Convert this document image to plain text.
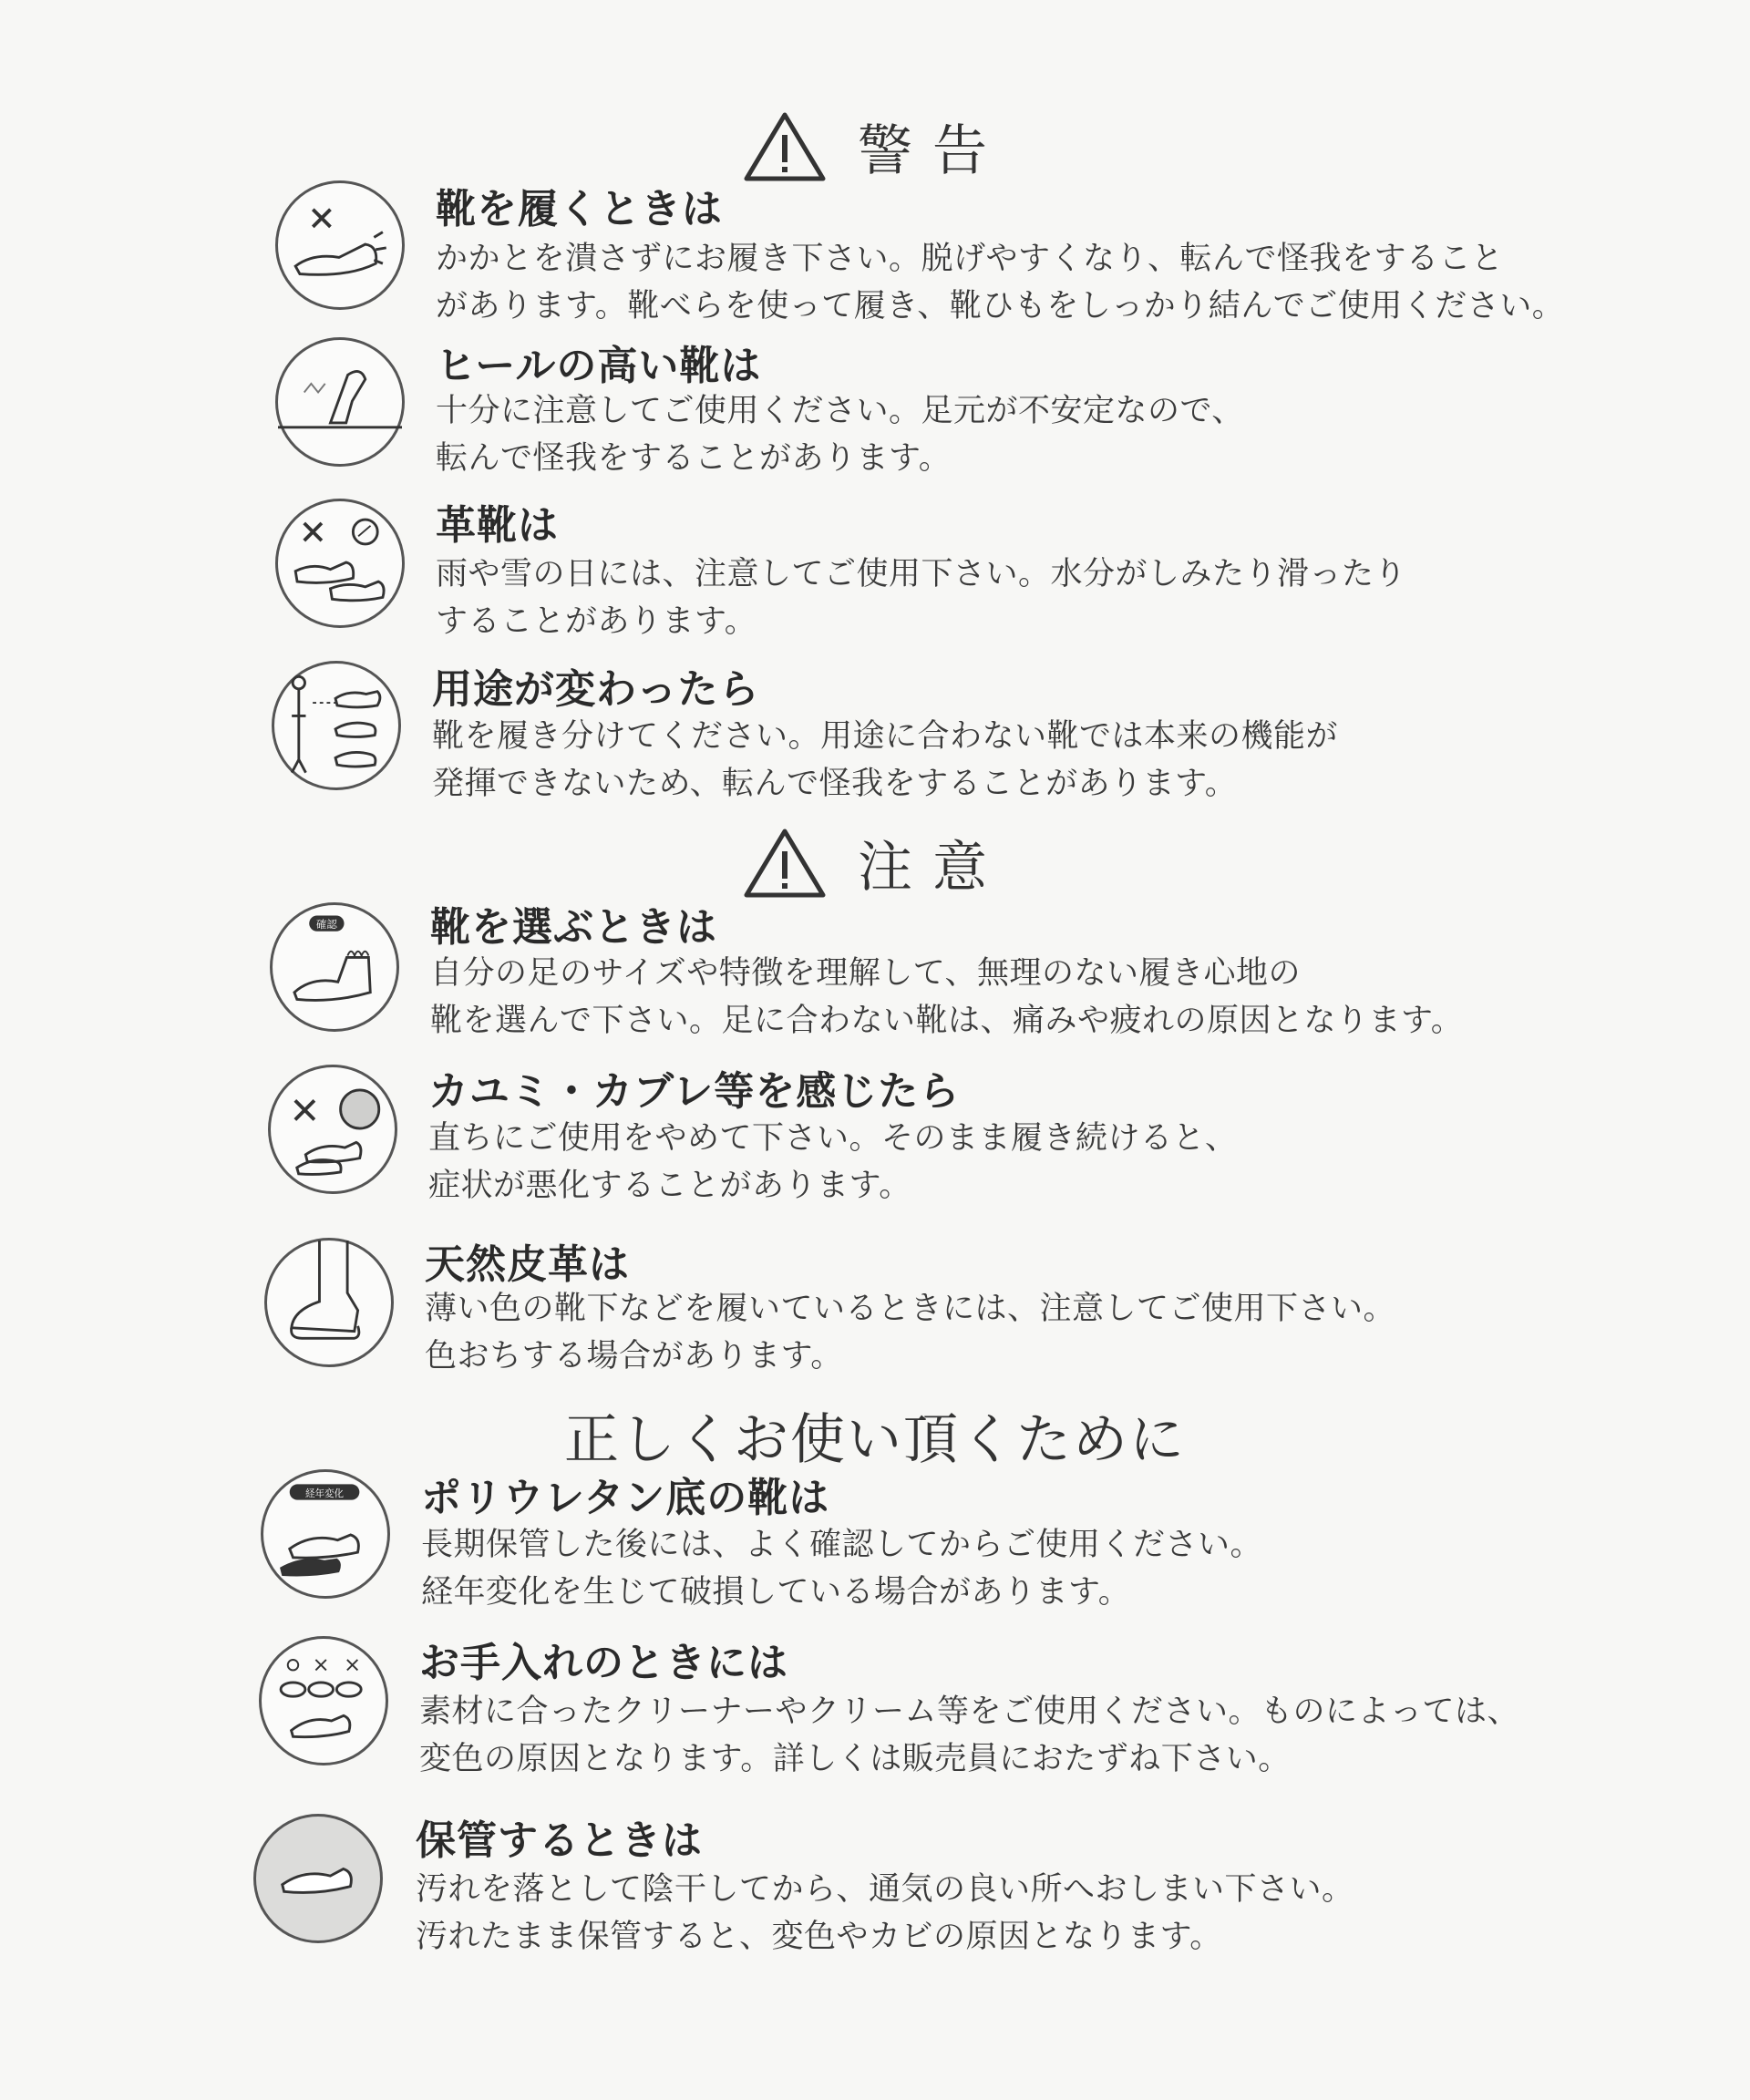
警告
靴を履くときは
かかとを潰さずにお履き下さい。脱げやすくなり、転んで怪我をすること
があります。靴べらを使って履き、靴ひもをしっかり結んでご使用ください。
ヒールの高い靴は
十分に注意してご使用ください。足元が不安定なので、
転んで怪我をすることがあります。
革靴は
雨や雪の日には、注意してご使用下さい。水分がしみたり滑ったり
することがあります。
用途が変わったら
靴を履き分けてください。用途に合わない靴では本来の機能が
発揮できないため、転んで怪我をすることがあります。
注意
確認 靴を選ぶときは
自分の足のサイズや特徴を理解して、無理のない履き心地の
靴を選んで下さい。足に合わない靴は、痛みや疲れの原因となります。
カユミ・カブレ等を感じたら
直ちにご使用をやめて下さい。そのまま履き続けると、
症状が悪化することがあります。
天然皮革は
薄い色の靴下などを履いているときには、注意してご使用下さい。
色おちする場合があります。
正しくお使い頂くために
経年変化 ポリウレタン底の靴は
長期保管した後には、よく確認してからご使用ください。
経年変化を生じて破損している場合があります。
お手入れのときには
素材に合ったクリーナーやクリーム等をご使用ください。ものによっては、
変色の原因となります。詳しくは販売員におたずね下さい。
保管するときは
汚れを落として陰干してから、通気の良い所へおしまい下さい。
汚れたまま保管すると、変色やカビの原因となります。
